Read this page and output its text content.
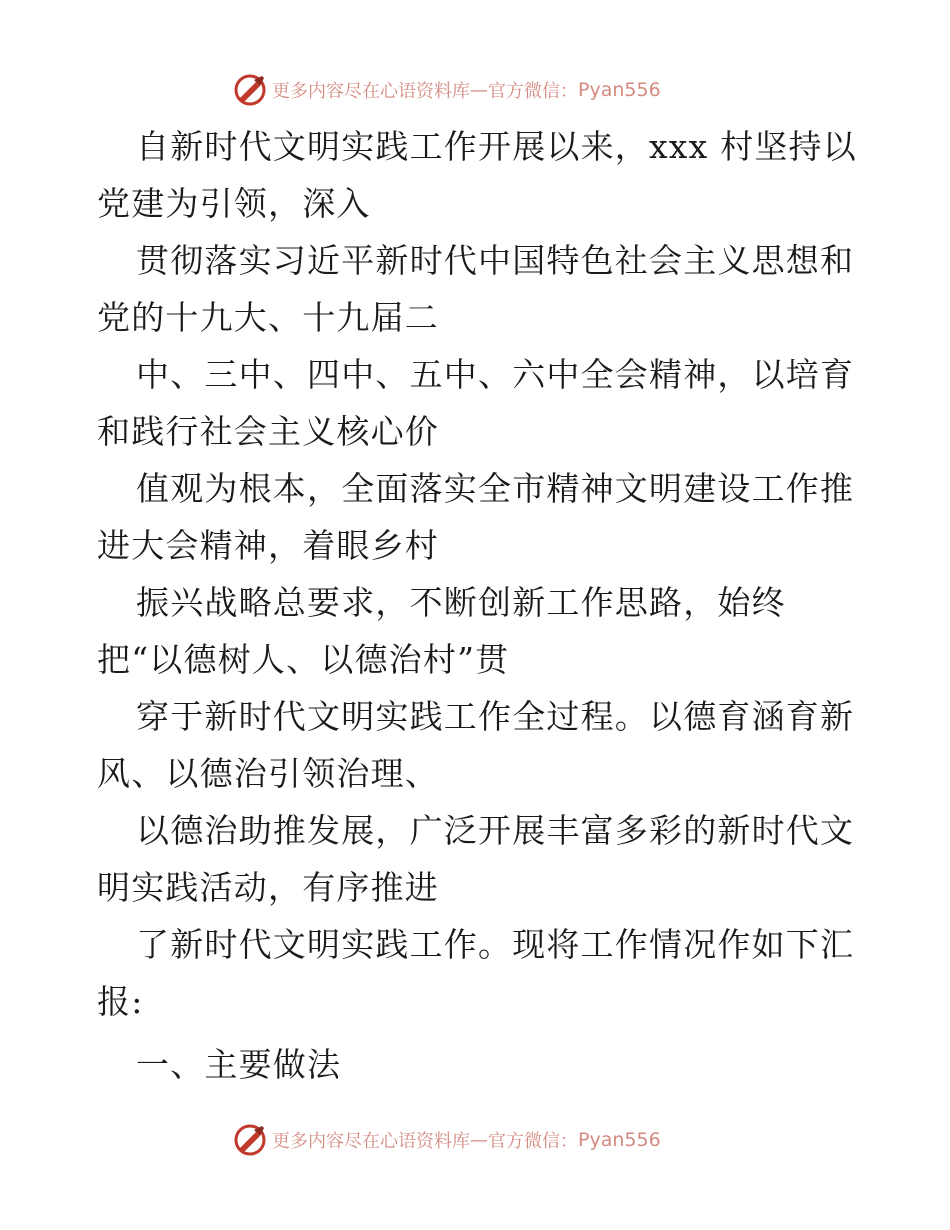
更多内容尽在心语资料库 — 官方微信： Pyan556
自新时代文明实践工作开展以来，xxx 村坚持以
党建为引领，深入
贯彻落实习近平新时代中国特色社会主义思想和
党的十九大、十九届二
中、三中、四中、五中、六中全会精神，以培育
和践行社会主义核心价
值观为根本，全面落实全市精神文明建设工作推
进大会精神，着眼乡村
振兴战略总要求，不断创新工作思路，始终
把“以德树人、以德治村”贯
穿于新时代文明实践工作全过程。以德育涵育新
风、以德治引领治理、
以德治助推发展，广泛开展丰富多彩的新时代文
明实践活动，有序推进
了新时代文明实践工作。现将工作情况作如下汇
报:
一、主要做法
更多内容尽在心语资料库 — 官方微信： Pyan556
